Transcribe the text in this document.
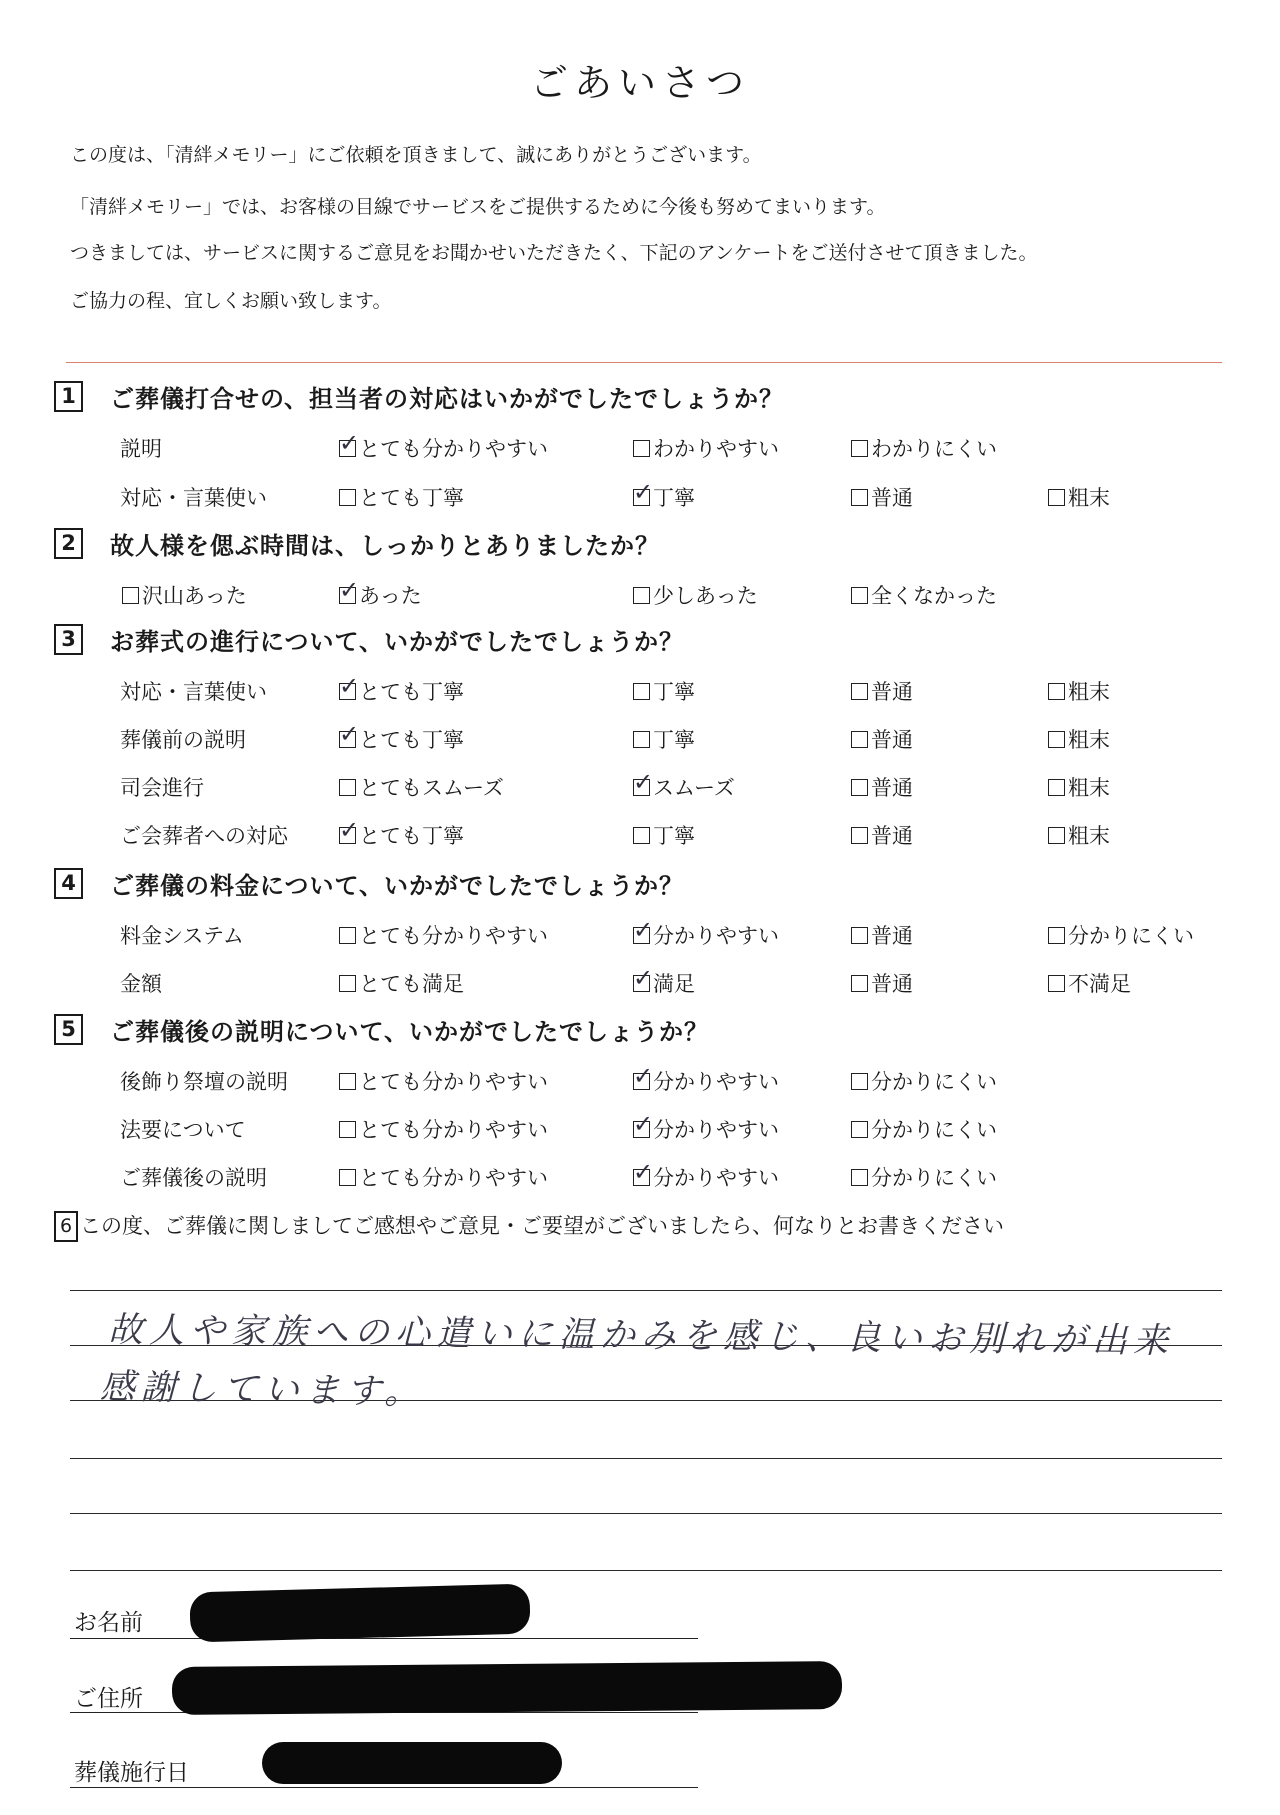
ごあいさつ
この度は、「清絆メモリー」にご依頼を頂きまして、誠にありがとうございます。
「清絆メモリー」では、お客様の目線でサービスをご提供するために今後も努めてまいります。
つきましては、サービスに関するご意見をお聞かせいただきたく、下記のアンケートをご送付させて頂きました。
ご協力の程、宜しくお願い致します。
1 ご葬儀打合せの、担当者の対応はいかがでしたでしょうか？
説明 ✓	とても分かりやすい	わかりやすい	わかりにくい
対応・言葉使い	とても丁寧 ✓	丁寧	普通	粗末
2 故人様を偲ぶ時間は、しっかりとありましたか？
沢山あった ✓	あった	少しあった	全くなかった
3 お葬式の進行について、いかがでしたでしょうか？
対応・言葉使い ✓	とても丁寧	丁寧	普通	粗末
葬儀前の説明 ✓	とても丁寧	丁寧	普通	粗末
司会進行	とてもスムーズ ✓	スムーズ	普通	粗末
ご会葬者への対応 ✓	とても丁寧	丁寧	普通	粗末
4 ご葬儀の料金について、いかがでしたでしょうか？
料金システム	とても分かりやすい ✓	分かりやすい	普通	分かりにくい
金額	とても満足 ✓	満足	普通	不満足
5 ご葬儀後の説明について、いかがでしたでしょうか？
後飾り祭壇の説明	とても分かりやすい ✓	分かりやすい	分かりにくい
法要について	とても分かりやすい ✓	分かりやすい	分かりにくい
ご葬儀後の説明	とても分かりやすい ✓	分かりやすい	分かりにくい
6 この度、ご葬儀に関しましてご感想やご意見・ご要望がございましたら、何なりとお書きください
故人や家族への心遣いに温かみを感じ、良いお別れが出来
感謝しています。
お名前
ご住所
葬儀施行日
